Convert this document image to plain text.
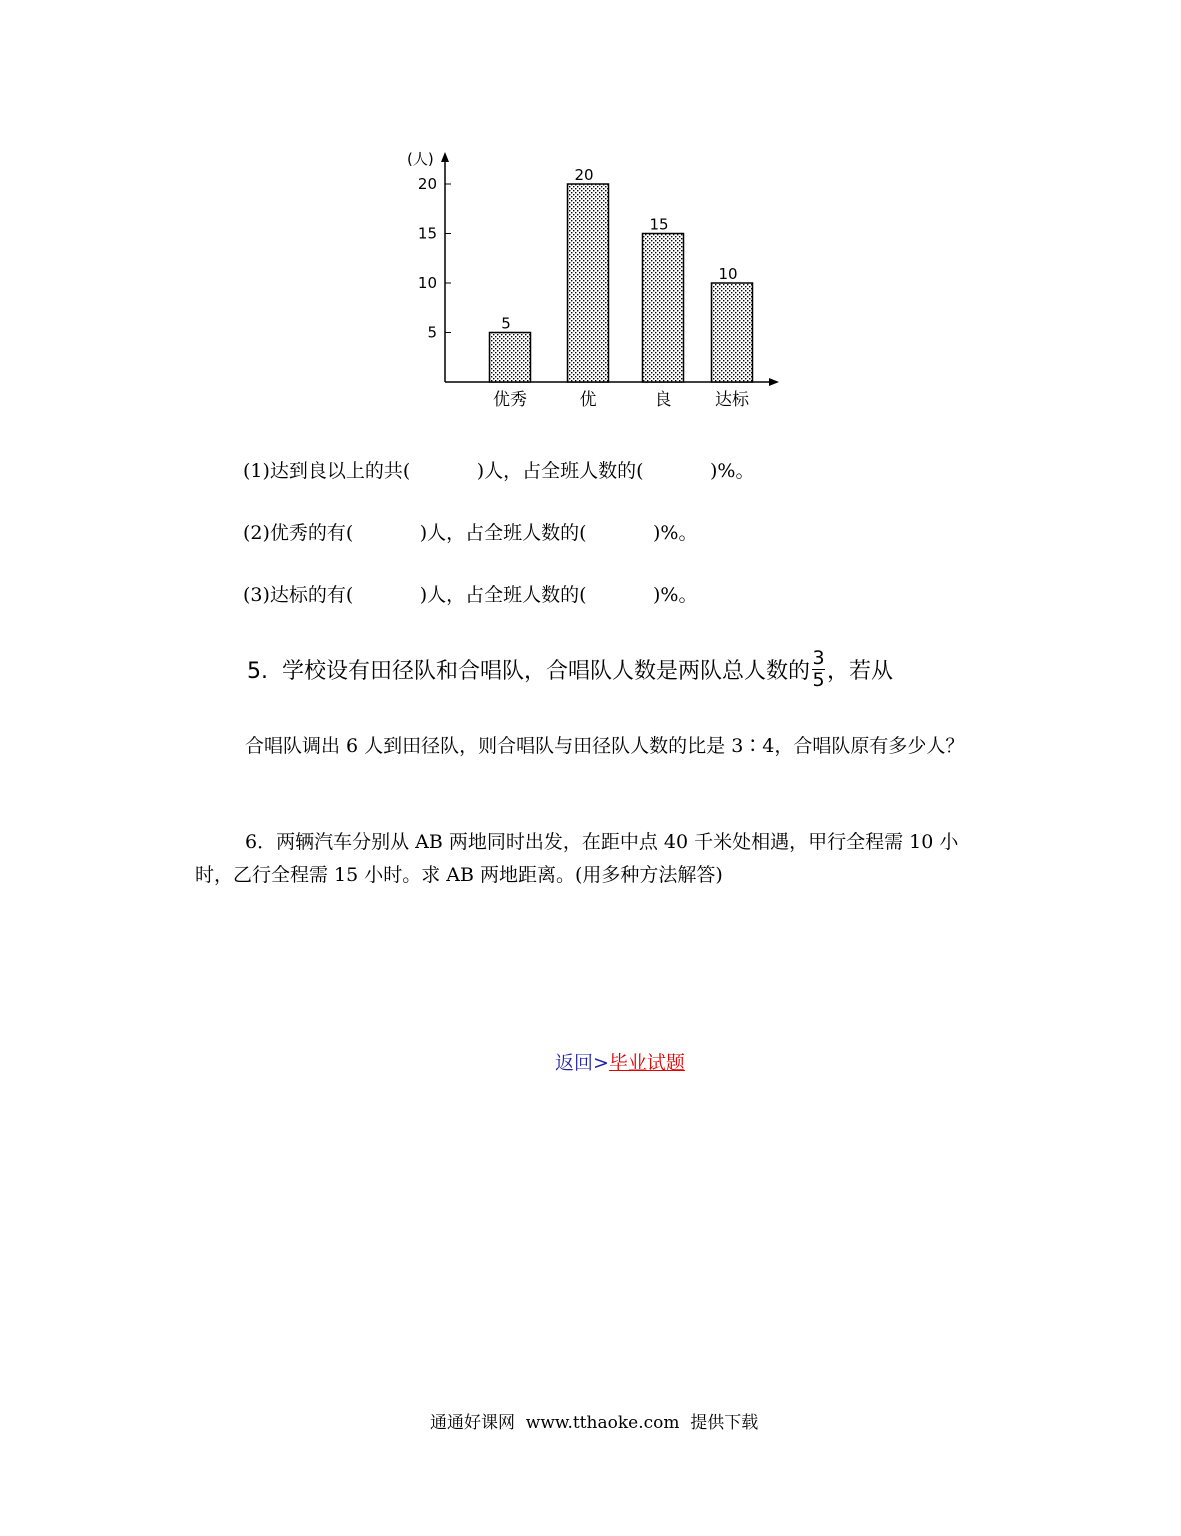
(人)
5
10
15
20
5
20
15
10
优秀	优	良	达标
(1)达到良以上的共(           )人，占全班人数的(           )%。
(2)优秀的有(           )人，占全班人数的(           )%。
(3)达标的有(           )人，占全班人数的(           )%。
5.  学校设有田径队和合唱队，合唱队人数是两队总人数的 $\frac{3}{5}$ ，若从
合唱队调出 6 人到田径队，则合唱队与田径队人数的比是 3∶4，合唱队原有多少人？
6．两辆汽车分别从 AB 两地同时出发，在距中点 40 千米处相遇，甲行全程需 10 小时，乙行全程需 15 小时。求 AB 两地距离。(用多种方法解答)
返回>毕业试题
通通好课网  www.tthaoke.com  提供下载
